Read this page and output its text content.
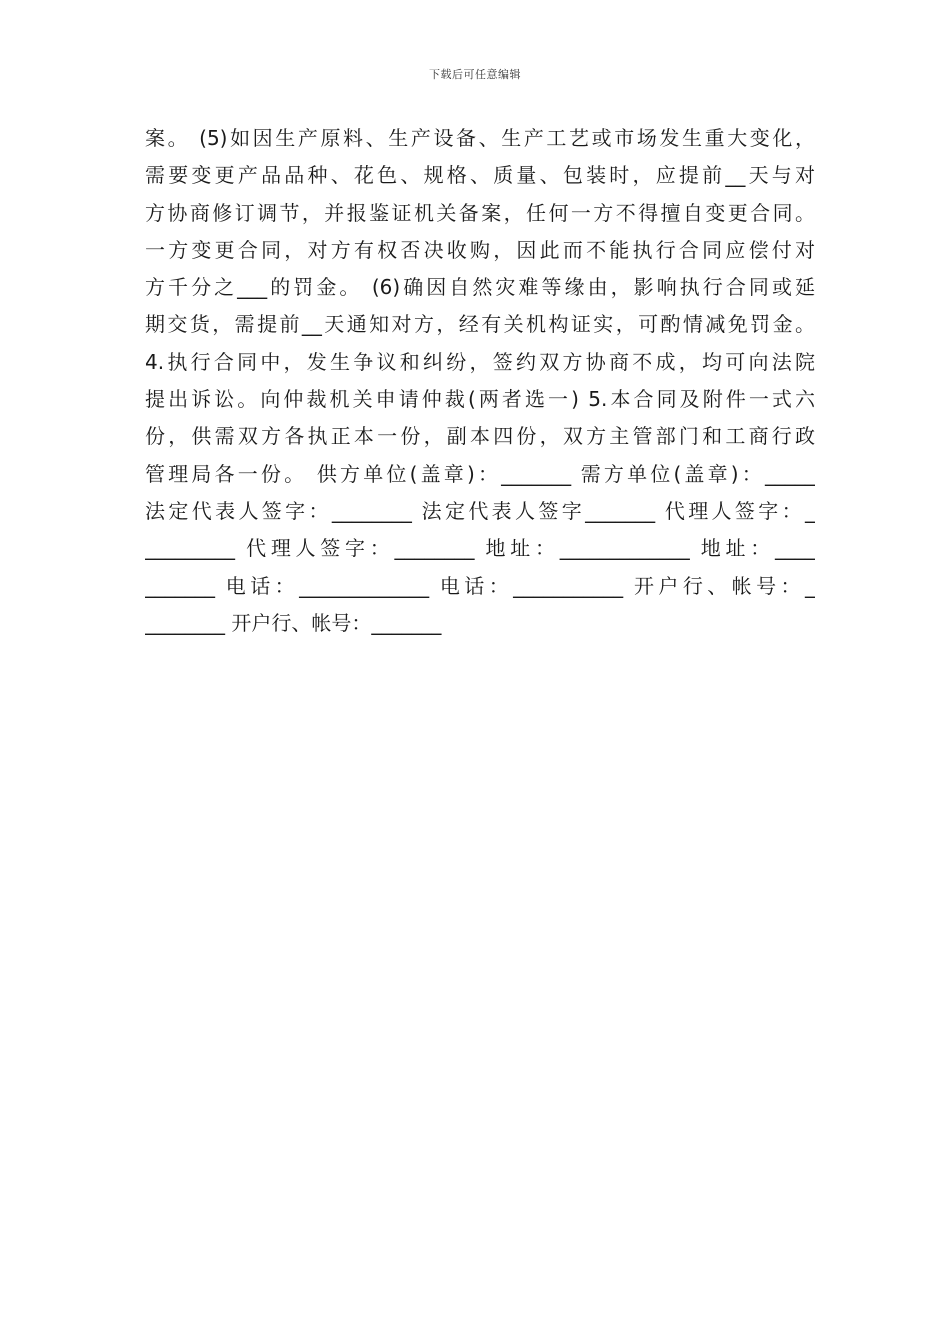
下载后可任意编辑
案。 (5)如因生产原料、生产设备、生产工艺或市场发生重大变化，
需要变更产品品种、花色、规格、质量、包装时，应提前__天与对
方协商修订调节，并报鉴证机关备案，任何一方不得擅自变更合同。
一方变更合同，对方有权否决收购，因此而不能执行合同应偿付对
方千分之___的罚金。 (6)确因自然灾难等缘由，影响执行合同或延
期交货，需提前__天通知对方，经有关机构证实，可酌情减免罚金。
4.执行合同中，发生争议和纠纷，签约双方协商不成，均可向法院
提出诉讼。向仲裁机关申请仲裁(两者选一) 5.本合同及附件一式六
份，供需双方各执正本一份，副本四份，双方主管部门和工商行政
管理局各一份。 供方单位(盖章)：_______ 需方单位(盖章)：_____
法定代表人签字：________ 法定代表人签字_______ 代理人签字：_
_________ 代理人签字：________ 地址：_____________ 地址：____
_______ 电话：_____________ 电话：___________ 开户行、帐号：_
________ 开户行、帐号：_______
